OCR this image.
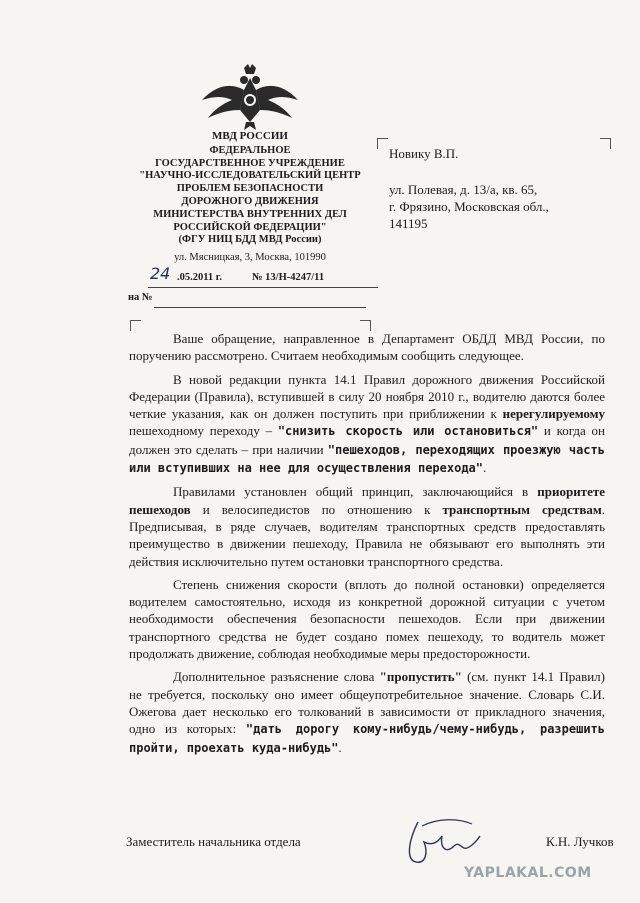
МВД РОССИИ
ФЕДЕРАЛЬНОЕ
ГОСУДАРСТВЕННОЕ УЧРЕЖДЕНИЕ
"НАУЧНО-ИССЛЕДОВАТЕЛЬСКИЙ ЦЕНТР
ПРОБЛЕМ БЕЗОПАСНОСТИ
ДОРОЖНОГО ДВИЖЕНИЯ
МИНИСТЕРСТВА ВНУТРЕННИХ ДЕЛ
РОССИЙСКОЙ ФЕДЕРАЦИИ"
(ФГУ НИЦ БДД МВД России)
ул. Мясницкая, 3, Москва, 101990
Новику В.П.
ул. Полевая, д. 13/а, кв. 65,
г. Фрязино, Московская обл.,
141195
24 .05.2011 г.	№ 13/Н-4247/11
на №

Ваше обращение, направленное в Департамент ОБДД МВД России, по поручению рассмотрено. Считаем необходимым сообщить следующее.

В новой редакции пункта 14.1 Правил дорожного движения Российской Федерации (Правила), вступившей в силу 20 ноября 2010 г., водителю даются более четкие указания, как он должен поступить при приближении к нерегулируемому пешеходному переходу – "снизить скорость или остановиться" и когда он должен это сделать – при наличии "пешеходов, переходящих проезжую часть или вступивших на нее для осуществления перехода".

Правилами установлен общий принцип, заключающийся в приоритете пешеходов и велосипедистов по отношению к транспортным средствам. Предписывая, в ряде случаев, водителям транспортных средств предоставлять преимущество в движении пешеходу, Правила не обязывают его выполнять эти действия исключительно путем остановки транспортного средства.

Степень снижения скорости (вплоть до полной остановки) определяется водителем самостоятельно, исходя из конкретной дорожной ситуации с учетом необходимости обеспечения безопасности пешеходов. Если при движении транспортного средства не будет создано помех пешеходу, то водитель может продолжать движение, соблюдая необходимые меры предосторожности.

Дополнительное разъяснение слова "пропустить" (см. пункт 14.1 Правил) не требуется, поскольку оно имеет общеупотребительное значение. Словарь С.И. Ожегова дает несколько его толкований в зависимости от прикладного значения, одно из которых: "дать дорогу кому-нибудь/чему-нибудь, разрешить пройти, проехать куда-нибудь".

Заместитель начальника отдела	К.Н. Лучков
YAPLAKAL.COM
